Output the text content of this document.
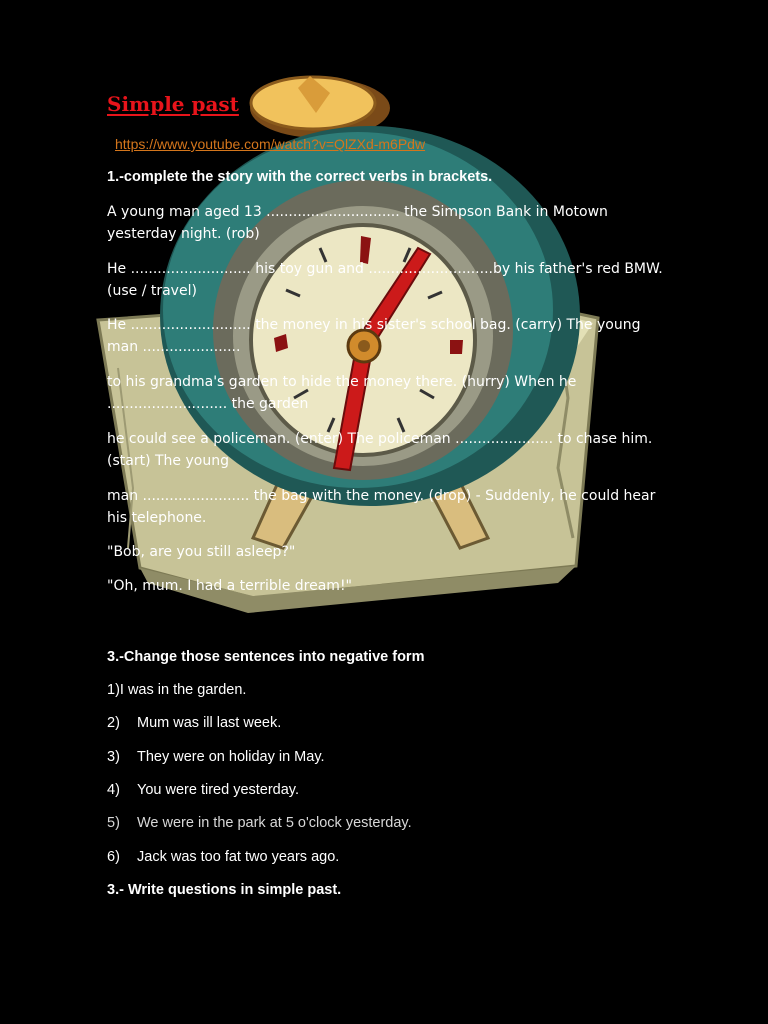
Simple past
https://www.youtube.com/watch?v=QlZXd-m6Pdw

1.-complete the story with the correct verbs in brackets.

A young man aged 13 .............................. the Simpson Bank in Motown yesterday night. (rob)

He ........................... his toy gun and ............................by his father's red BMW. (use / travel)

He ........................... the money in his sister's school bag. (carry) The young man ......................

to his grandma's garden to hide the money there. (hurry) When he ........................... the garden

he could see a policeman. (enter) The policeman ...................... to chase him. (start) The young

man ........................ the bag with the money. (drop) - Suddenly, he could hear his telephone.

"Bob, are you still asleep?"

"Oh, mum. I had a terrible dream!"

3.-Change those sentences into negative form

1)I was in the garden.

2) Mum was ill last week.

3) They were on holiday in May.

4) You were tired yesterday.

5) We were in the park at 5 o'clock yesterday.

6) Jack was too fat two years ago.

3.- Write questions in simple past.
